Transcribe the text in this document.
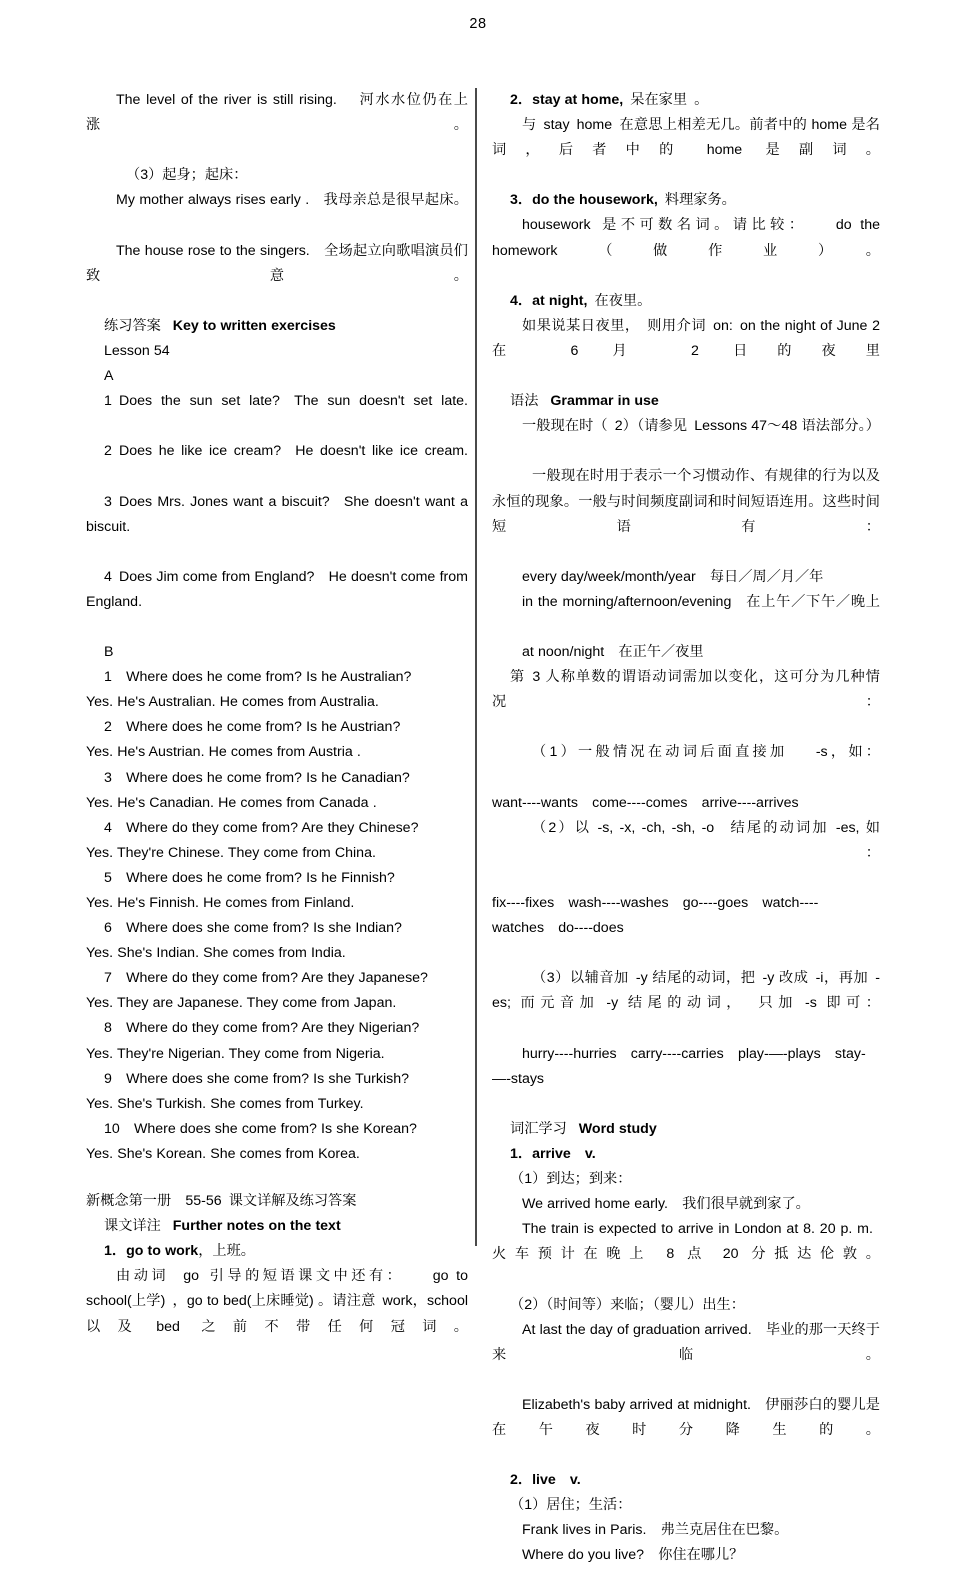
28

The level of the river is still rising.  河水水位仍在上涨。

（3）起身；起床：

My mother always rises early . 我母亲总是很早起床。

The house rose to the singers.  全场起立向歌唱演员们致意。

练习答案 Key to written exercises

Lesson 54

A

1 Does the sun set late?  The sun doesn't set late.

2 Does he like ice cream?  He doesn't like ice cream.

3 Does Mrs. Jones want a biscuit? She doesn't want a biscuit.

4 Does Jim come from England?  He doesn't come from England.

B

1  Where does he come from? Is he Australian?

Yes. He's Australian. He comes from Australia.

2  Where does he come from? Is he Austrian?

Yes. He's Austrian. He comes from Austria .

3  Where does he come from? Is he Canadian?

Yes. He's Canadian. He comes from Canada .

4  Where do they come from? Are they Chinese?

Yes. They're Chinese. They come from China.

5  Where does he come from? Is he Finnish?

Yes. He's Finnish. He comes from Finland.

6  Where does she come from? Is she Indian?

Yes. She's Indian. She comes from India.

7  Where do they come from? Are they Japanese?

Yes. They are Japanese. They come from Japan.

8  Where do they come from? Are they Nigerian?

Yes. They're Nigerian. They come from Nigeria.

9  Where does she come from? Is she Turkish?

Yes. She's Turkish. She comes from Turkey.

10  Where does she come from? Is she Korean?

Yes. She's Korean. She comes from Korea.

新概念第一册  55-56 课文详解及练习答案

课文详注 Further notes on the text

1．go to work，上班。

由动词 go 引导的短语课文中还有：  go to school(上学) ，go to bed(上床睡觉) 。请注意 work，school 以及 bed 之前不带任何冠词。

2．stay at home, 呆在家里 。

与 stay home 在意思上相差无几。前者中的 home 是名词，后者中的 home 是副词。

3．do the housework, 料理家务。

housework 是不可数名词。请比较：  do the homework（做作业）。

4．at night, 在夜里。

如果说某日夜里， 则用介词 on: on the night of June 2 在 6 月 2 日的夜里

语法 Grammar in use

一般现在时（ 2）（请参见 Lessons 47～48 语法部分。）

一般现在时用于表示一个习惯动作、有规律的行为以及永恒的现象。一般与时间频度副词和时间短语连用。这些时间短语有：

every day/week/month/year  每日／周／月／年

in the morning/afternoon/evening  在上午／下午／晚上

at noon/night  在正午／夜里

第 3 人称单数的谓语动词需加以变化，这可分为几种情况：

（1）一般情况在动词后面直接加  -s，如：

want----wants  come----comes  arrive----arrives

（2）以 -s, -x, -ch, -sh, -o  结尾的动词加 -es, 如：

fix----fixes  wash----washes  go----goes  watch----watches  do----does

（3）以辅音加 -y 结尾的动词，把 -y 改成 -i，再加 -es; 而元音加 -y 结尾的动词， 只加 -s 即可：

hurry----hurries  carry----carries  play-—-plays  stay-—-stays

词汇学习 Word study

1．arrive  v.

（1）到达；到来：

We arrived home early.  我们很早就到家了。

The train is expected to arrive in London at 8. 20 p. m. 火车预计在晚上  8 点 20 分抵达伦敦。

（2）（时间等）来临；（婴儿）出生：

At last the day of graduation arrived.  毕业的那一天终于来临。

Elizabeth's baby arrived at midnight.  伊丽莎白的婴儿是在午夜时分降生的。

2．live  v.

（1）居住；生活：

Frank lives in Paris.  弗兰克居住在巴黎。

Where do you live?  你住在哪儿？
